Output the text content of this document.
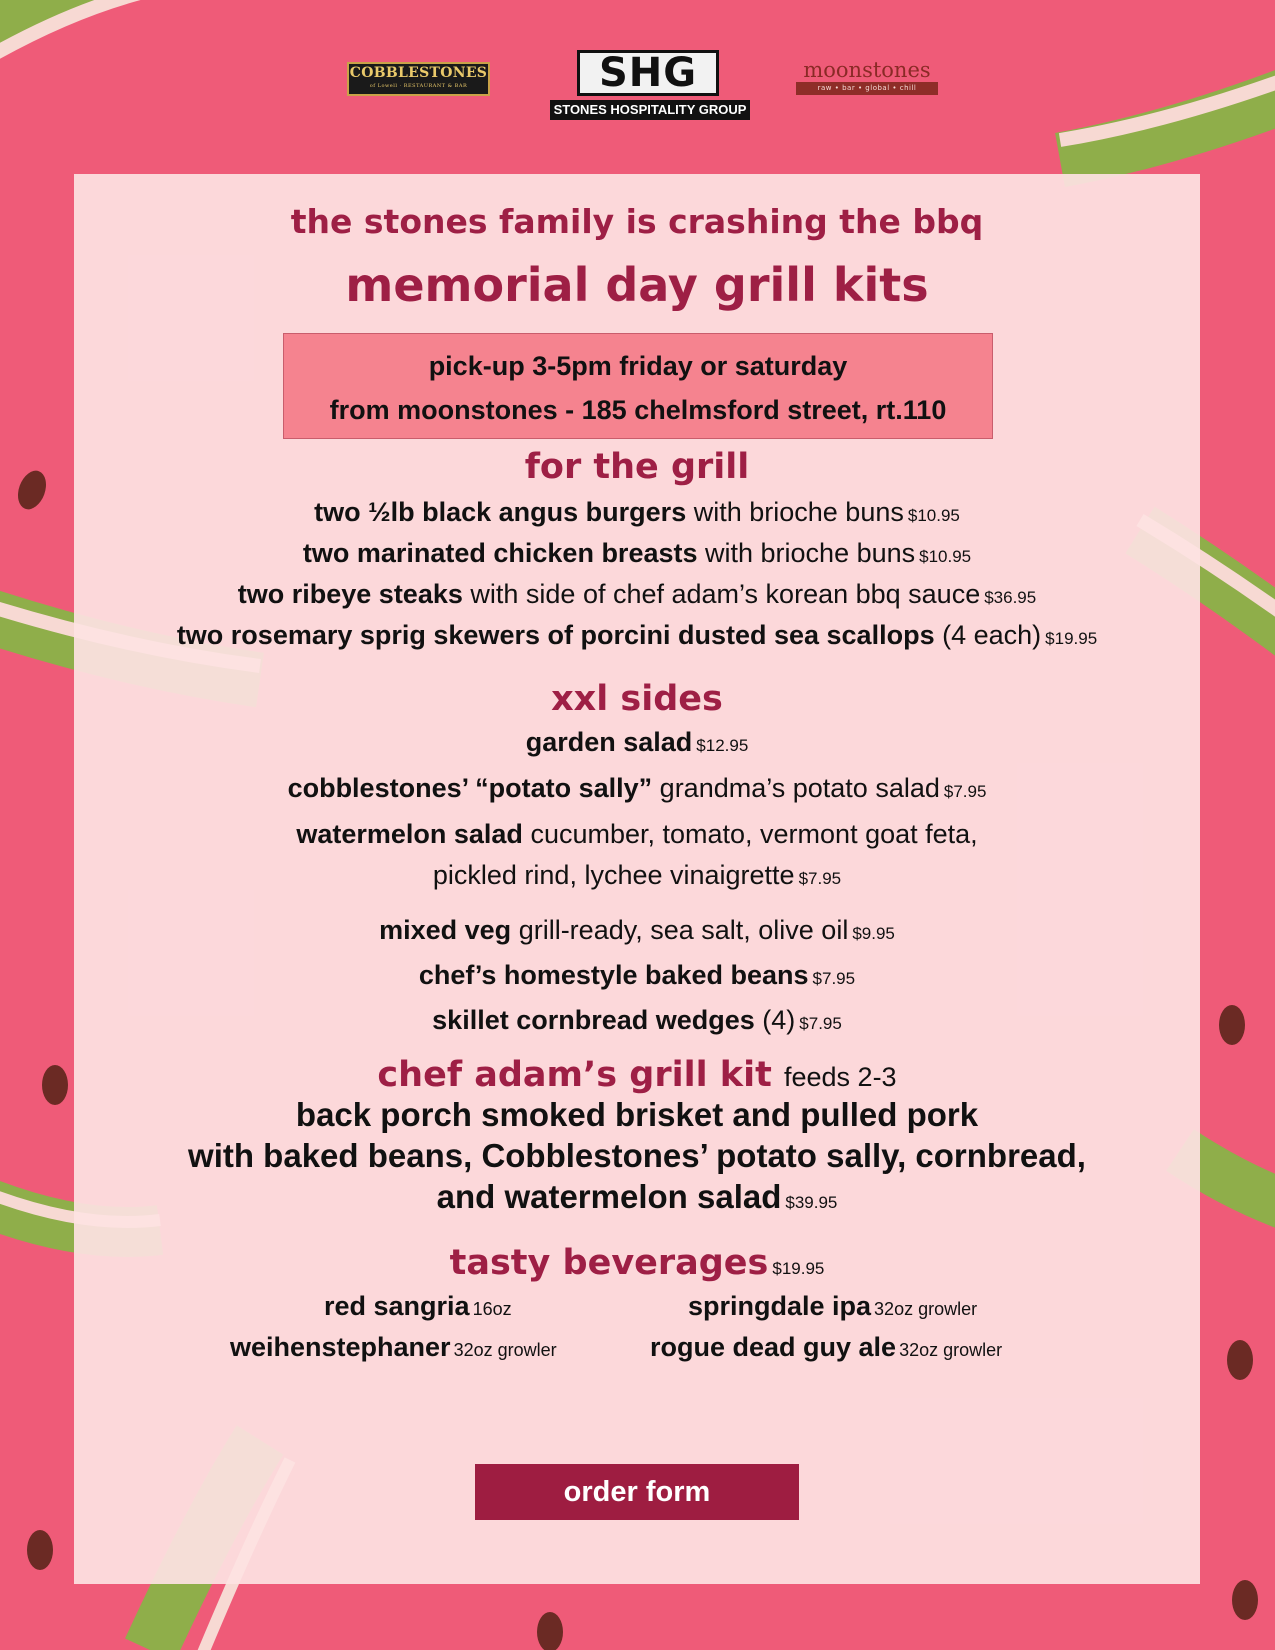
COBBLESTONES
of Lowell · RESTAURANT & BAR	SHG
STONES HOSPITALITY GROUP
moonstones
raw • bar • global • chill
the stones family is crashing the bbq
memorial day grill kits
pick-up 3-5pm friday or saturday
from moonstones - 185 chelmsford street, rt.110
for the grill
two ½lb black angus burgers with brioche buns $10.95
two marinated chicken breasts with brioche buns $10.95
two ribeye steaks with side of chef adam’s korean bbq sauce $36.95
two rosemary sprig skewers of porcini dusted sea scallops (4 each) $19.95
xxl sides
garden salad $12.95
cobblestones’ “potato sally” grandma’s potato salad $7.95
watermelon salad cucumber, tomato, vermont goat feta,
pickled rind, lychee vinaigrette $7.95
mixed veg grill-ready, sea salt, olive oil $9.95
chef’s homestyle baked beans $7.95
skillet cornbread wedges (4) $7.95
chef adam’s grill kit feeds 2-3
back porch smoked brisket and pulled pork
with baked beans, Cobblestones’ potato sally, cornbread,
and watermelon salad $39.95
tasty beverages $19.95
red sangria 16oz	springdale ipa 32oz growler
weihenstephaner 32oz growler	rogue dead guy ale 32oz growler
order form
